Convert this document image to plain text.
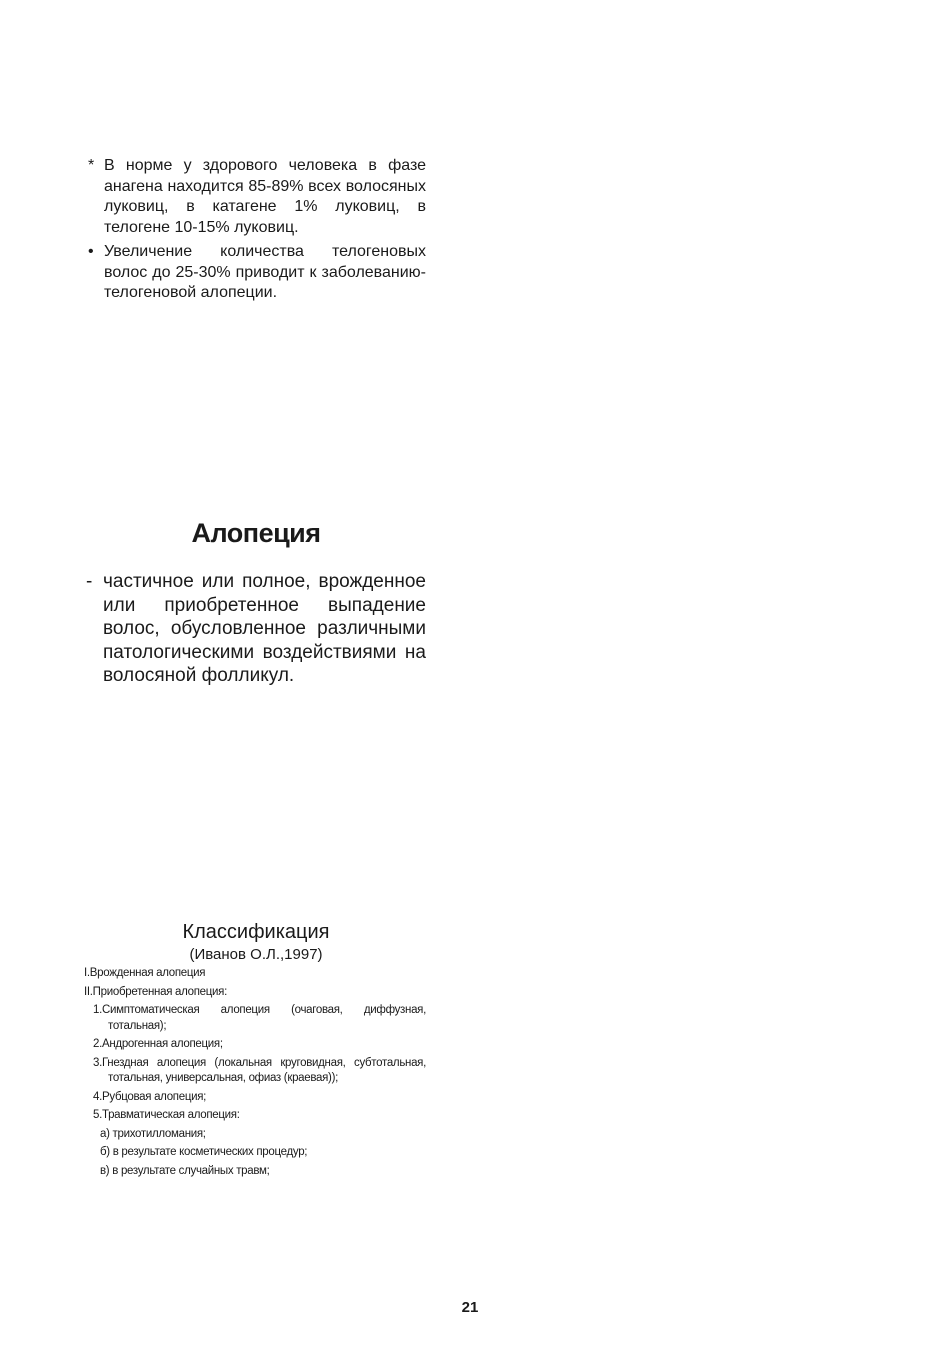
* В норме у здорового человека в фазе анагена находится 85-89% всех волосяных луковиц, в катагене 1% луковиц, в телогене 10-15% луковиц.
• Увеличение количества телогеновых волос до 25-30% приводит к заболеванию- телогеновой алопеции.
Алопеция
- частичное или полное, врожденное или приобретенное выпадение волос, обусловленное различными патологическими воздействиями на волосяной фолликул.
Классификация
(Иванов О.Л.,1997)
I.Врожденная алопеция
II.Приобретенная алопеция:
1.Симптоматическая алопеция (очаговая, диффузная, тотальная);
2.Андрогенная алопеция;
3.Гнездная алопеция (локальная круговидная, субтотальная, тотальная, универсальная, офиаз (краевая));
4.Рубцовая алопеция;
5.Травматическая алопеция:
а) трихотилломания;
б) в результате косметических процедур;
в) в результате случайных травм;
21
